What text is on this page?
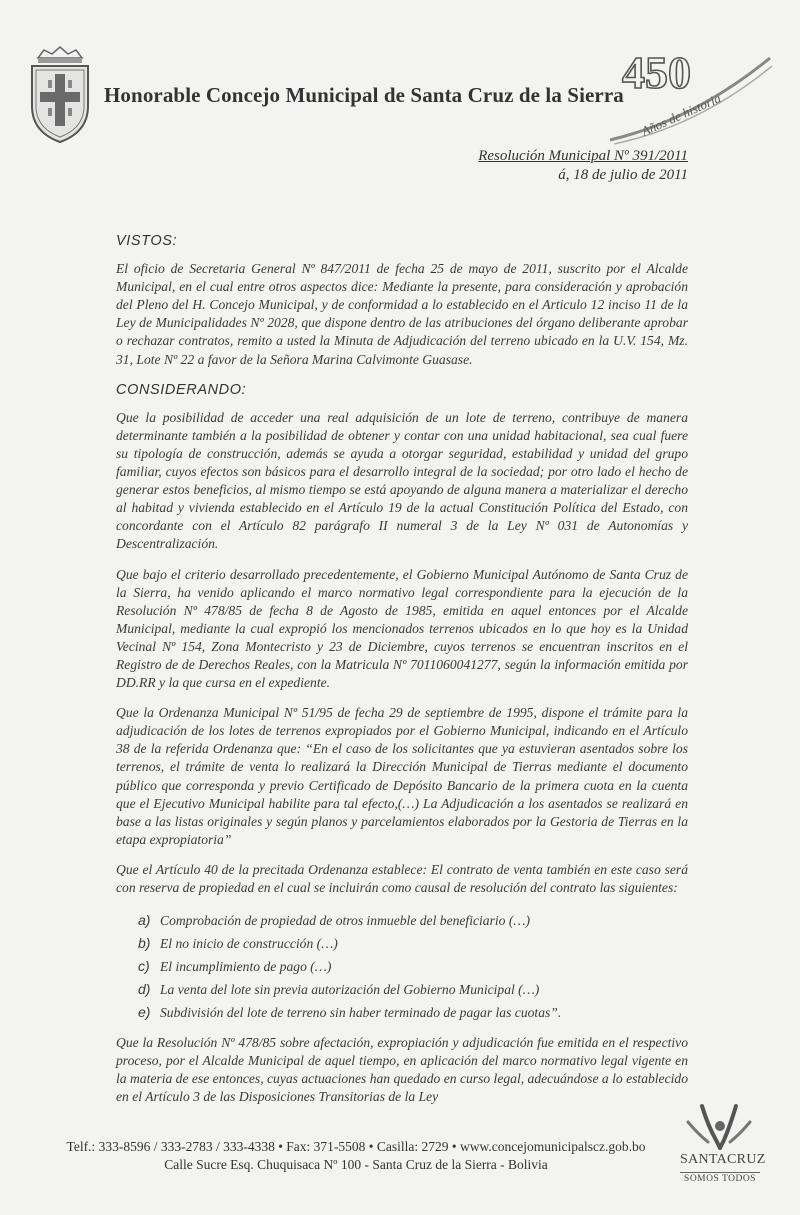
Honorable Concejo Municipal de Santa Cruz de la Sierra
450
Años de historia
Resolución Municipal Nº 391/2011
á, 18 de julio de 2011
VISTOS:

El oficio de Secretaria General Nº 847/2011 de fecha 25 de mayo de 2011, suscrito por el Alcalde Municipal, en el cual entre otros aspectos dice: Mediante la presente, para consideración y aprobación del Pleno del H. Concejo Municipal, y de conformidad a lo establecido en el Articulo 12 inciso 11 de la Ley de Municipalidades Nº 2028, que dispone dentro de las atribuciones del órgano deliberante aprobar o rechazar contratos, remito a usted la Minuta de Adjudicación del terreno ubicado en la U.V. 154, Mz. 31, Lote Nº 22 a favor de la Señora Marina Calvimonte Guasase.

CONSIDERANDO:

Que la posibilidad de acceder una real adquisición de un lote de terreno, contribuye de manera determinante también a la posibilidad de obtener y contar con una unidad habitacional, sea cual fuere su tipología de construcción, además se ayuda a otorgar seguridad, estabilidad y unidad del grupo familiar, cuyos efectos son básicos para el desarrollo integral de la sociedad; por otro lado el hecho de generar estos beneficios, al mismo tiempo se está apoyando de alguna manera a materializar el derecho al habitad y vivienda establecido en el Artículo 19 de la actual Constitución Política del Estado, con concordante con el Artículo 82 parágrafo II numeral 3 de la Ley Nº 031 de Autonomías y Descentralización.

Que bajo el criterio desarrollado precedentemente, el Gobierno Municipal Autónomo de Santa Cruz de la Sierra, ha venido aplicando el marco normativo legal correspondiente para la ejecución de la Resolución Nº 478/85 de fecha 8 de Agosto de 1985, emitida en aquel entonces por el Alcalde Municipal, mediante la cual expropió los mencionados terrenos ubicados en lo que hoy es la Unidad Vecinal Nº 154, Zona Montecristo y 23 de Diciembre, cuyos terrenos se encuentran inscritos en el Registro de de Derechos Reales, con la Matricula Nº 7011060041277, según la información emitida por DD.RR y la que cursa en el expediente.

Que la Ordenanza Municipal Nº 51/95 de fecha 29 de septiembre de 1995, dispone el trámite para la adjudicación de los lotes de terrenos expropiados por el Gobierno Municipal, indicando en el Artículo 38 de la referida Ordenanza que: “En el caso de los solicitantes que ya estuvieran asentados sobre los terrenos, el trámite de venta lo realizará la Dirección Municipal de Tierras mediante el documento público que corresponda y previo Certificado de Depósito Bancario de la primera cuota en la cuenta que el Ejecutivo Municipal habilite para tal efecto,(…) La Adjudicación a los asentados se realizará en base a las listas originales y según planos y parcelamientos elaborados por la Gestoria de Tierras en la etapa expropiatoria”

Que el Artículo 40 de la precitada Ordenanza establece: El contrato de venta también en este caso será con reserva de propiedad en el cual se incluirán como causal de resolución del contrato las siguientes:

a) Comprobación de propiedad de otros inmueble del beneficiario (…)
b) El no inicio de construcción (…)
c) El incumplimiento de pago (…)
d) La venta del lote sin previa autorización del Gobierno Municipal (…)
e) Subdivisión del lote de terreno sin haber terminado de pagar las cuotas”.

Que la Resolución Nº 478/85 sobre afectación, expropiación y adjudicación fue emitida en el respectivo proceso, por el Alcalde Municipal de aquel tiempo, en aplicación del marco normativo legal vigente en la materia de ese entonces, cuyas actuaciones han quedado en curso legal, adecuándose a lo establecido en el Artículo 3 de las Disposiciones Transitorias de la Ley

Telf.: 333-8596 / 333-2783 / 333-4338 • Fax: 371-5508 • Casilla: 2729 • www.concejomunicipalscz.gob.bo
Calle Sucre Esq. Chuquisaca Nº 100 - Santa Cruz de la Sierra - Bolivia	SANTACRUZ
SOMOS TODOS
